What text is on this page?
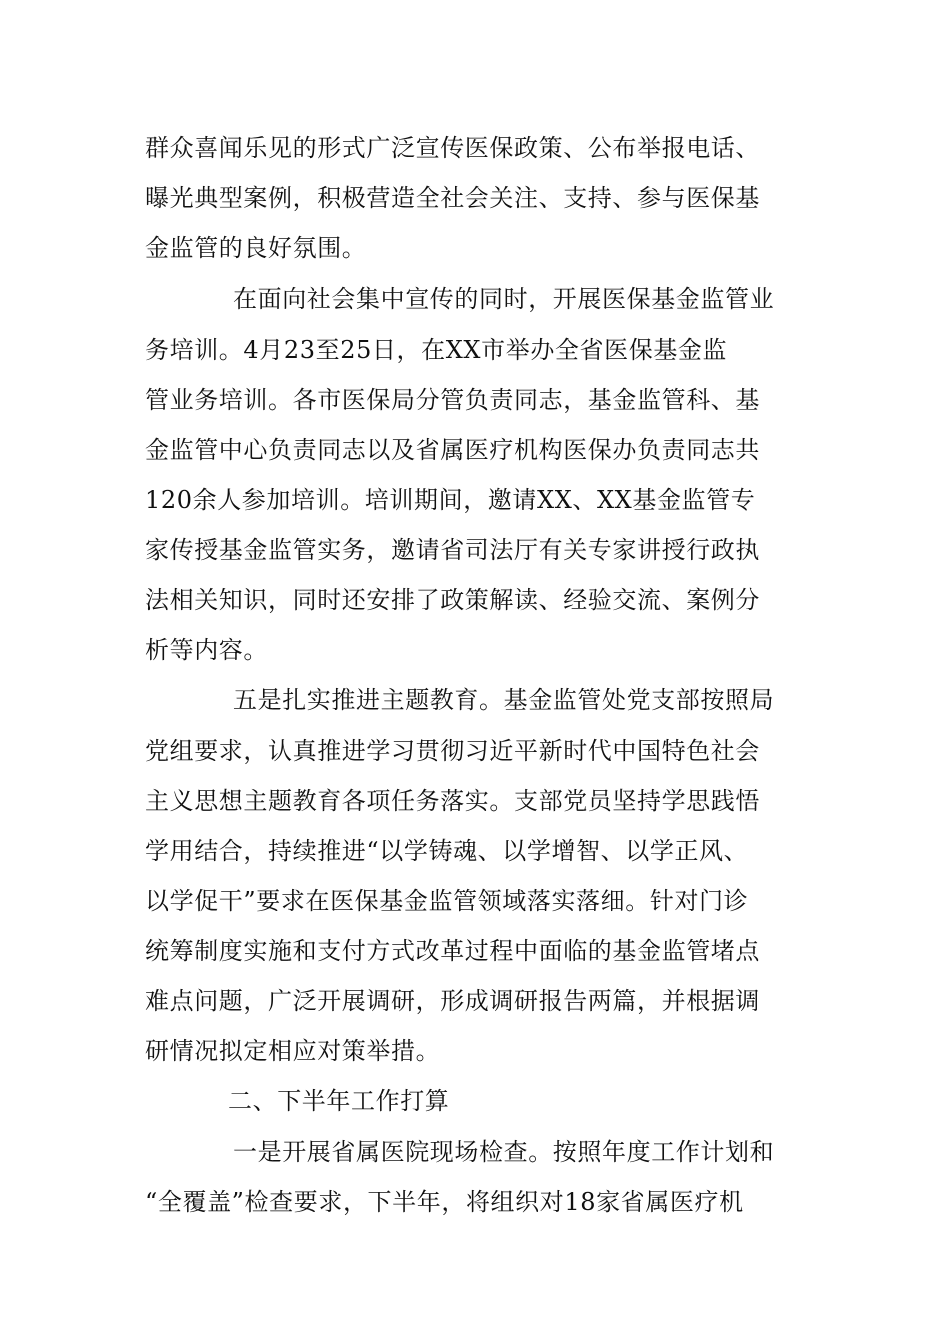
群众喜闻乐见的形式广泛宣传医保政策、公布举报电话、
曝光典型案例，积极营造全社会关注、支持、参与医保基
金监管的良好氛围。
在面向社会集中宣传的同时，开展医保基金监管业
务培训。4月23至25日，在XX市举办全省医保基金监
管业务培训。各市医保局分管负责同志，基金监管科、基
金监管中心负责同志以及省属医疗机构医保办负责同志共
120余人参加培训。培训期间，邀请XX、XX基金监管专
家传授基金监管实务，邀请省司法厅有关专家讲授行政执
法相关知识，同时还安排了政策解读、经验交流、案例分
析等内容。
五是扎实推进主题教育。基金监管处党支部按照局
党组要求，认真推进学习贯彻习近平新时代中国特色社会
主义思想主题教育各项任务落实。支部党员坚持学思践悟
学用结合，持续推进“以学铸魂、以学增智、以学正风、
以学促干”要求在医保基金监管领域落实落细。针对门诊
统筹制度实施和支付方式改革过程中面临的基金监管堵点
难点问题，广泛开展调研，形成调研报告两篇，并根据调
研情况拟定相应对策举措。
二、下半年工作打算
一是开展省属医院现场检查。按照年度工作计划和
“全覆盖”检查要求，下半年，将组织对18家省属医疗机
